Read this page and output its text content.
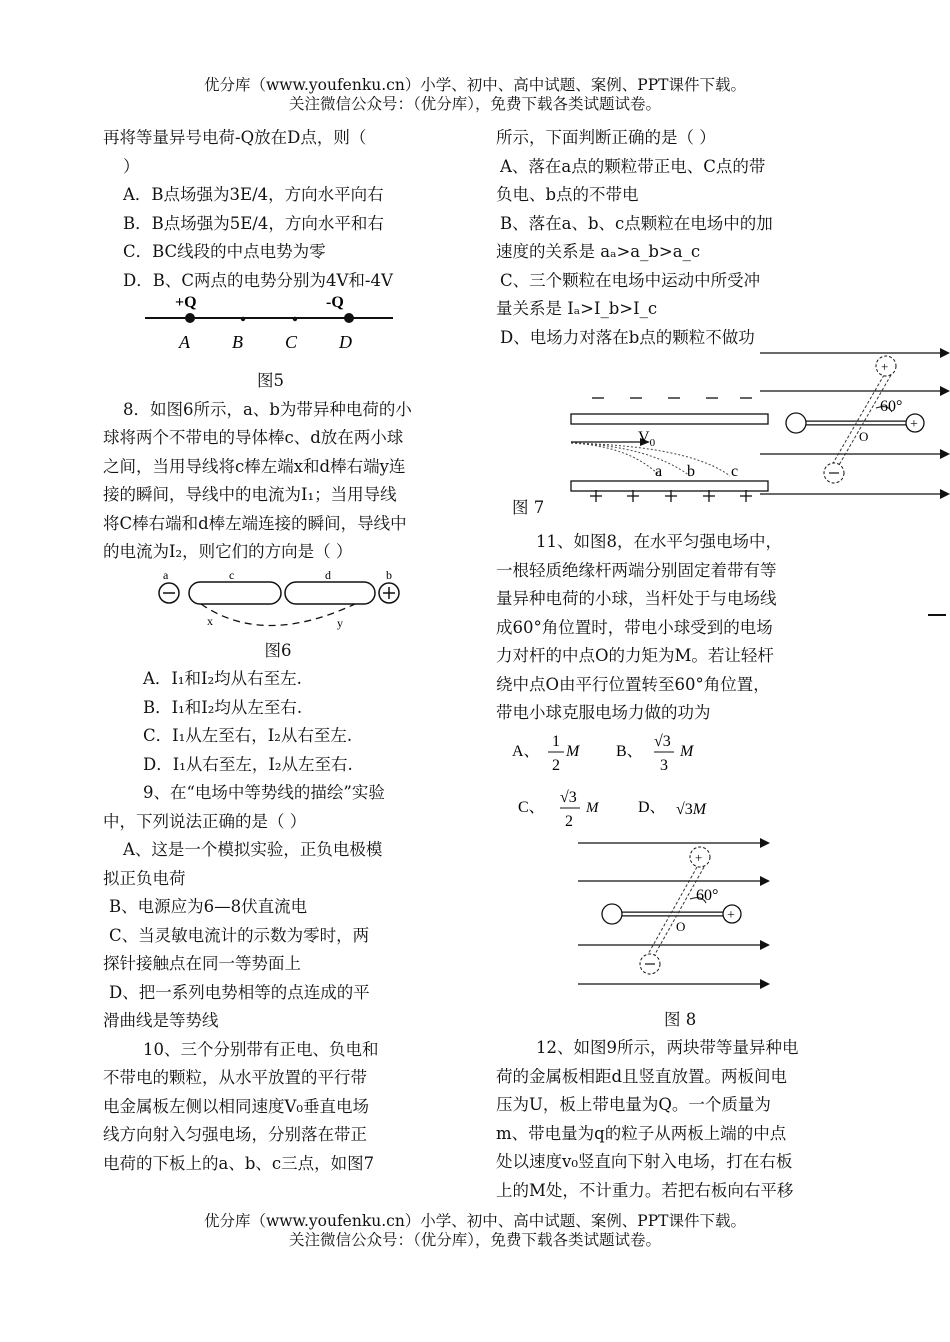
优分库（www.youfenku.cn）小学、初中、高中试题、案例、PPT课件下载。
关注微信公众号：（优分库），免费下载各类试题试卷。

再将等量异号电荷-Q放在D点，则（

）

A．B点场强为3E/4，方向水平向右

B．B点场强为5E/4，方向水平和右

C．BC线段的中点电势为零

D．B、C两点的电势分别为4V和-4V

+Q	-Q
A B C D

图5

8．如图6所示，a、b为带异种电荷的小

球将两个不带电的导体棒c、d放在两小球

之间，当用导线将c棒左端x和d棒右端y连

接的瞬间，导线中的电流为I₁；当用导线

将C棒右端和d棒左端连接的瞬间，导线中

的电流为I₂，则它们的方向是（ ）

a	c	d	b
x	y

图6

A．I₁和I₂均从右至左.

B．I₁和I₂均从左至右.

C．I₁从左至右，I₂从右至左.

D．I₁从右至左，I₂从左至右.

9、在“电场中等势线的描绘”实验

中，下列说法正确的是（ ）

A、这是一个模拟实验，正负电极模

拟正负电荷

B、电源应为6—8伏直流电

C、当灵敏电流计的示数为零时，两

探针接触点在同一等势面上

D、把一系列电势相等的点连成的平

滑曲线是等势线

10、三个分别带有正电、负电和

不带电的颗粒，从水平放置的平行带

电金属板左侧以相同速度V₀垂直电场

线方向射入匀强电场，分别落在带正

电荷的下板上的a、b、c三点，如图7

所示，下面判断正确的是（ ）

A、落在a点的颗粒带正电、C点的带

负电、b点的不带电

B、落在a、b、c点颗粒在电场中的加

速度的关系是 aₐ>a_b>a_c

C、三个颗粒在电场中运动中所受冲

量关系是 Iₐ>I_b>I_c

D、电场力对落在b点的颗粒不做功

$V_0$
a b c
图 7
+
+
60°
O

11、如图8，在水平匀强电场中，

一根轻质绝缘杆两端分别固定着带有等

量异种电荷的小球，当杆处于与电场线

成60°角位置时，带电小球受到的电场

力对杆的中点O的力矩为M。若让轻杆

绕中点O由平行位置转至60°角位置，

带电小球克服电场力做的功为

A、
1
2
M B、
√3
3
M
C、
√3
2
M D、 √3M
+
+
60°
O
图 8

12、如图9所示，两块带等量异种电

荷的金属板相距d且竖直放置。两板间电

压为U，板上带电量为Q。一个质量为

m、带电量为q的粒子从两板上端的中点

处以速度v₀竖直向下射入电场，打在右板

上的M处，不计重力。若把右板向右平移

优分库（www.youfenku.cn）小学、初中、高中试题、案例、PPT课件下载。
关注微信公众号：（优分库），免费下载各类试题试卷。
